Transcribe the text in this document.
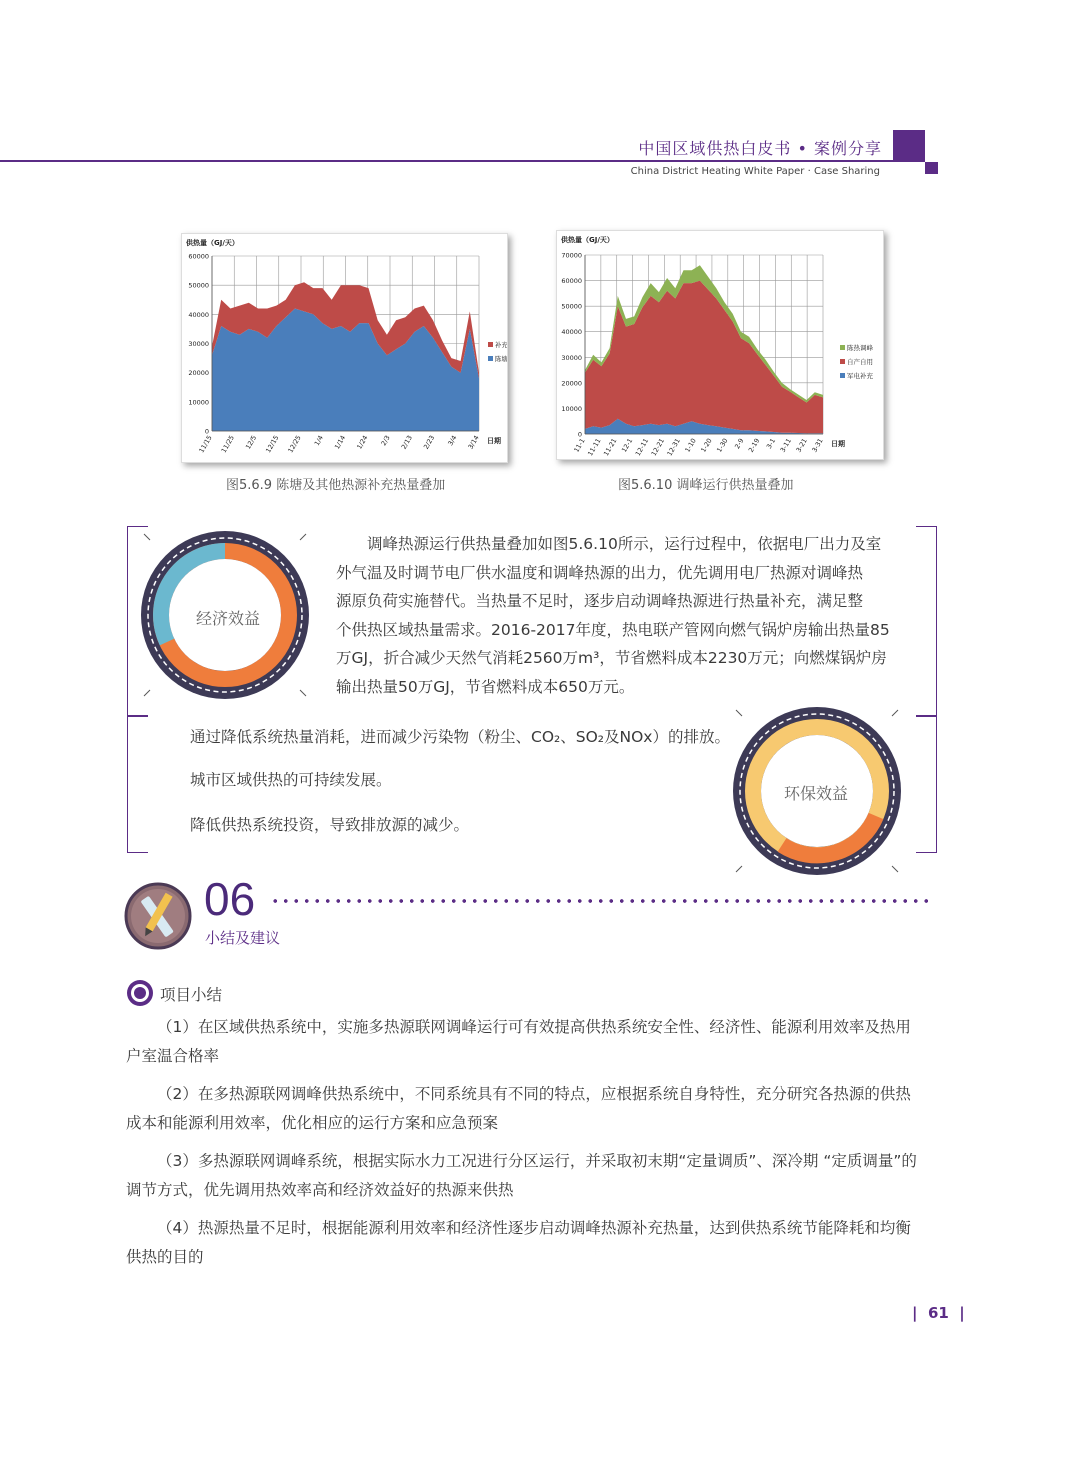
中国区域供热白皮书 • 案例分享
China District Heating White Paper · Case Sharing
供热量（GJ/天）
60000
50000
40000
30000
20000
10000
0
11/15 11/25 12/5 12/15 12/25 1/4 1/14 1/24 2/3 2/13 2/23 3/4 3/14 日期
补充
陈塘
图5.6.9 陈塘及其他热源补充热量叠加
供热量（GJ/天）
70000
60000
50000
40000
30000
20000
10000
0
11-1 11-11 11-21 12-1 12-11 12-21 12-31 1-10 1-20 1-30 2-9 2-19 3-1 3-11 3-21 3-31 日期
陈热调峰
自产自用
军电补充
图5.6.10 调峰运行供热量叠加
经济效益
调峰热源运行供热量叠加如图5.6.10所示，运行过程中，依据电厂出力及室
外气温及时调节电厂供水温度和调峰热源的出力，优先调用电厂热源对调峰热
源原负荷实施替代。当热量不足时，逐步启动调峰热源进行热量补充，满足整
个供热区域热量需求。2016-2017年度，热电联产管网向燃气锅炉房输出热量85
万GJ，折合减少天然气消耗2560万m³，节省燃料成本2230万元；向燃煤锅炉房
输出热量50万GJ，节省燃料成本650万元。
通过降低系统热量消耗，进而减少污染物（粉尘、CO₂、SO₂及NOx）的排放。
城市区域供热的可持续发展。
降低供热系统投资，导致排放源的减少。
环保效益
06
小结及建议
项目小结
（1）在区域供热系统中，实施多热源联网调峰运行可有效提高供热系统安全性、经济性、能源利用效率及热用户室温合格率
（2）在多热源联网调峰供热系统中，不同系统具有不同的特点，应根据系统自身特性，充分研究各热源的供热成本和能源利用效率，优化相应的运行方案和应急预案
（3）多热源联网调峰系统，根据实际水力工况进行分区运行，并采取初末期“定量调质”、深冷期 “定质调量”的调节方式，优先调用热效率高和经济效益好的热源来供热
（4）热源热量不足时，根据能源利用效率和经济性逐步启动调峰热源补充热量，达到供热系统节能降耗和均衡供热的目的
|  61  |
